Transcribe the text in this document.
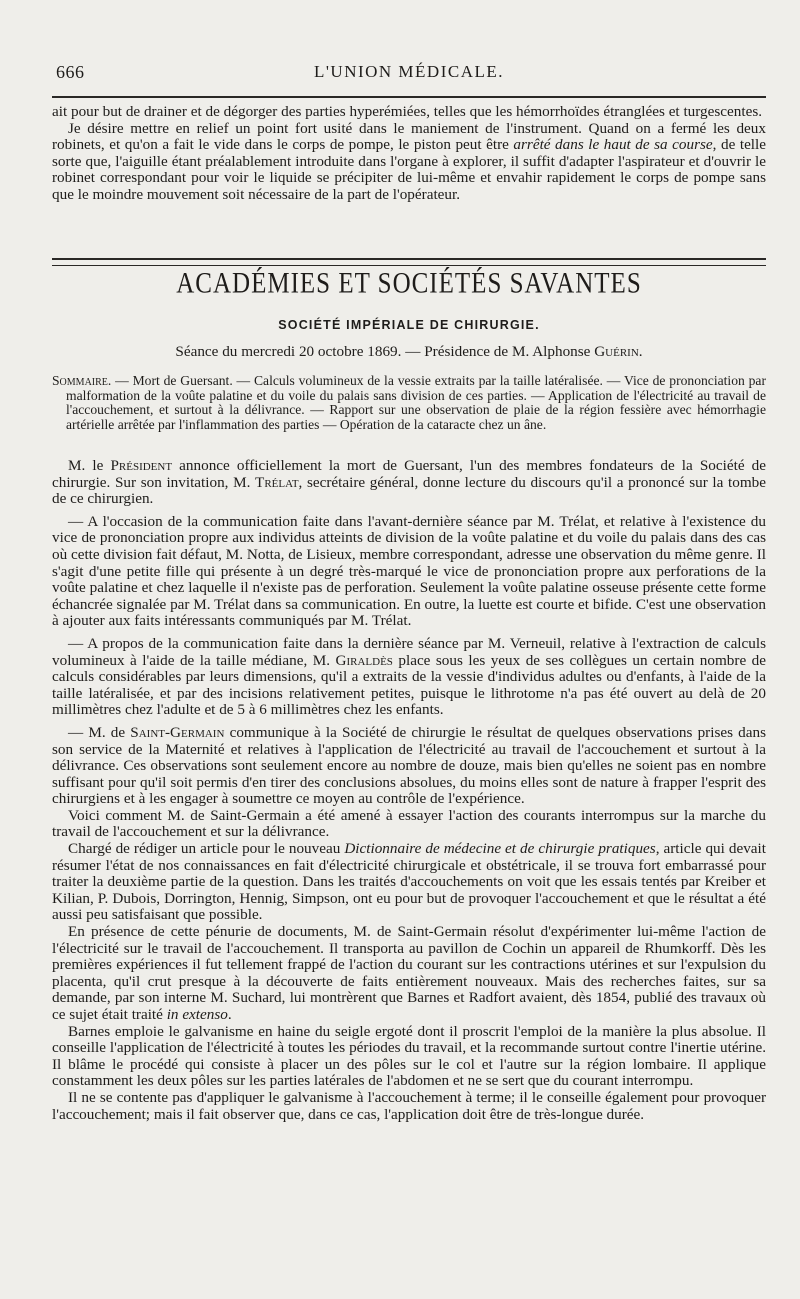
666	L'UNION MÉDICALE.

ait pour but de drainer et de dégorger des parties hyperémiées, telles que les hémorrhoïdes étranglées et turgescentes.

Je désire mettre en relief un point fort usité dans le maniement de l'instrument. Quand on a fermé les deux robinets, et qu'on a fait le vide dans le corps de pompe, le piston peut être arrêté dans le haut de sa course, de telle sorte que, l'aiguille étant préalablement introduite dans l'organe à explorer, il suffit d'adapter l'aspirateur et d'ouvrir le robinet correspondant pour voir le liquide se précipiter de lui-même et envahir rapidement le corps de pompe sans que le moindre mouvement soit nécessaire de la part de l'opérateur.

ACADÉMIES ET SOCIÉTÉS SAVANTES
SOCIÉTÉ IMPÉRIALE DE CHIRURGIE.
Séance du mercredi 20 octobre 1869. — Présidence de M. Alphonse Guérin.

Sommaire. — Mort de Guersant. — Calculs volumineux de la vessie extraits par la taille latéralisée. — Vice de prononciation par malformation de la voûte palatine et du voile du palais sans division de ces parties. — Application de l'électricité au travail de l'accouchement, et surtout à la délivrance. — Rapport sur une observation de plaie de la région fessière avec hémorrhagie artérielle arrêtée par l'inflammation des parties — Opération de la cataracte chez un âne.

M. le Président annonce officiellement la mort de Guersant, l'un des membres fondateurs de la Société de chirurgie. Sur son invitation, M. Trélat, secrétaire général, donne lecture du discours qu'il a prononcé sur la tombe de ce chirurgien.

— A l'occasion de la communication faite dans l'avant-dernière séance par M. Trélat, et relative à l'existence du vice de prononciation propre aux individus atteints de division de la voûte palatine et du voile du palais dans des cas où cette division fait défaut, M. Notta, de Lisieux, membre correspondant, adresse une observation du même genre. Il s'agit d'une petite fille qui présente à un degré très-marqué le vice de prononciation propre aux perforations de la voûte palatine et chez laquelle il n'existe pas de perforation. Seulement la voûte palatine osseuse présente cette forme échancrée signalée par M. Trélat dans sa communication. En outre, la luette est courte et bifide. C'est une observation à ajouter aux faits intéressants communiqués par M. Trélat.

— A propos de la communication faite dans la dernière séance par M. Verneuil, relative à l'extraction de calculs volumineux à l'aide de la taille médiane, M. Giraldès place sous les yeux de ses collègues un certain nombre de calculs considérables par leurs dimensions, qu'il a extraits de la vessie d'individus adultes ou d'enfants, à l'aide de la taille latéralisée, et par des incisions relativement petites, puisque le lithrotome n'a pas été ouvert au delà de 20 millimètres chez l'adulte et de 5 à 6 millimètres chez les enfants.

— M. de Saint-Germain communique à la Société de chirurgie le résultat de quelques observations prises dans son service de la Maternité et relatives à l'application de l'électricité au travail de l'accouchement et surtout à la délivrance. Ces observations sont seulement encore au nombre de douze, mais bien qu'elles ne soient pas en nombre suffisant pour qu'il soit permis d'en tirer des conclusions absolues, du moins elles sont de nature à frapper l'esprit des chirurgiens et à les engager à soumettre ce moyen au contrôle de l'expérience.

Voici comment M. de Saint-Germain a été amené à essayer l'action des courants interrompus sur la marche du travail de l'accouchement et sur la délivrance.

Chargé de rédiger un article pour le nouveau Dictionnaire de médecine et de chirurgie pratiques, article qui devait résumer l'état de nos connaissances en fait d'électricité chirurgicale et obstétricale, il se trouva fort embarrassé pour traiter la deuxième partie de la question. Dans les traités d'accouchements on voit que les essais tentés par Kreiber et Kilian, P. Dubois, Dorrington, Hennig, Simpson, ont eu pour but de provoquer l'accouchement et que le résultat a été aussi peu satisfaisant que possible.

En présence de cette pénurie de documents, M. de Saint-Germain résolut d'expérimenter lui-même l'action de l'électricité sur le travail de l'accouchement. Il transporta au pavillon de Cochin un appareil de Rhumkorff. Dès les premières expériences il fut tellement frappé de l'action du courant sur les contractions utérines et sur l'expulsion du placenta, qu'il crut presque à la découverte de faits entièrement nouveaux. Mais des recherches faites, sur sa demande, par son interne M. Suchard, lui montrèrent que Barnes et Radfort avaient, dès 1854, publié des travaux où ce sujet était traité in extenso.

Barnes emploie le galvanisme en haine du seigle ergoté dont il proscrit l'emploi de la manière la plus absolue. Il conseille l'application de l'électricité à toutes les périodes du travail, et la recommande surtout contre l'inertie utérine. Il blâme le procédé qui consiste à placer un des pôles sur le col et l'autre sur la région lombaire. Il applique constamment les deux pôles sur les parties latérales de l'abdomen et ne se sert que du courant interrompu.

Il ne se contente pas d'appliquer le galvanisme à l'accouchement à terme; il le conseille également pour provoquer l'accouchement; mais il fait observer que, dans ce cas, l'application doit être de très-longue durée.
